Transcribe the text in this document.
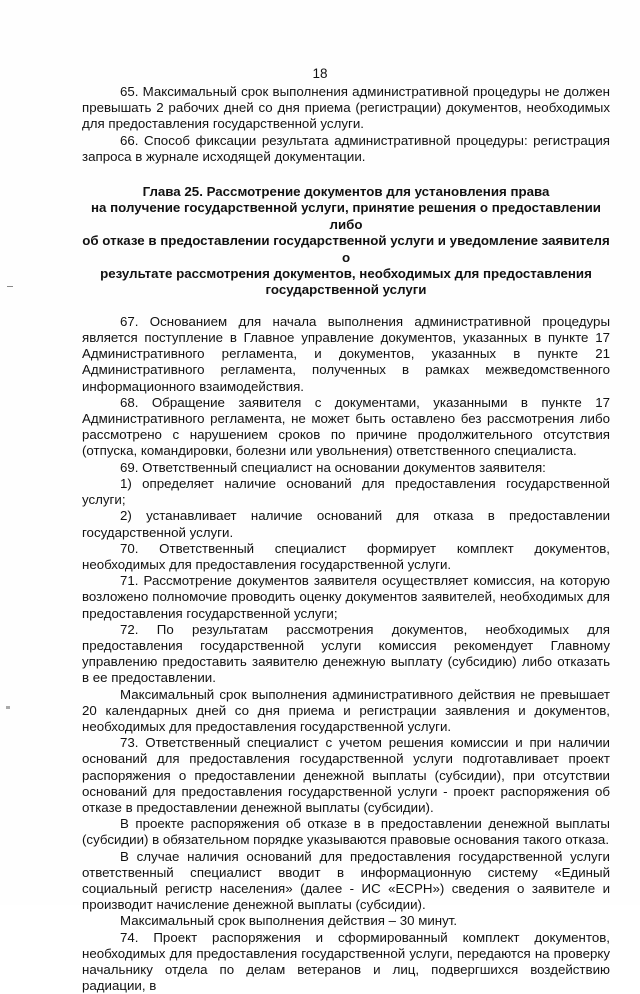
18

65. Максимальный срок выполнения административной процедуры не должен превышать 2 рабочих дней со дня приема (регистрации) документов, необходимых для предоставления государственной услуги.

66. Способ фиксации результата административной процедуры: регистрация запроса в журнале исходящей документации.

Глава 25. Рассмотрение документов для установления права
на получение государственной услуги, принятие решения о предоставлении либо
об отказе в предоставлении государственной услуги и уведомление заявителя о
результате рассмотрения документов, необходимых для предоставления
государственной услуги

67. Основанием для начала выполнения административной процедуры является поступление в Главное управление документов, указанных в пункте 17 Административного регламента, и документов, указанных в пункте 21 Административного регламента, полученных в рамках межведомственного информационного взаимодействия.

68. Обращение заявителя с документами, указанными в пункте 17 Административного регламента, не может быть оставлено без рассмотрения либо рассмотрено с нарушением сроков по причине продолжительного отсутствия (отпуска, командировки, болезни или увольнения) ответственного специалиста.

69. Ответственный специалист на основании документов заявителя:

1) определяет наличие оснований для предоставления государственной услуги;

2) устанавливает наличие оснований для отказа в предоставлении государственной услуги.

70. Ответственный специалист формирует комплект документов, необходимых для предоставления государственной услуги.

71. Рассмотрение документов заявителя осуществляет комиссия, на которую возложено полномочие проводить оценку документов заявителей, необходимых для предоставления государственной услуги;

72. По результатам рассмотрения документов, необходимых для предоставления государственной услуги комиссия рекомендует Главному управлению предоставить заявителю денежную выплату (субсидию) либо отказать в ее предоставлении.

Максимальный срок выполнения административного действия не превышает 20 календарных дней со дня приема и регистрации заявления и документов, необходимых для предоставления государственной услуги.

73. Ответственный специалист с учетом решения комиссии и при наличии оснований для предоставления государственной услуги подготавливает проект распоряжения о предоставлении денежной выплаты (субсидии), при отсутствии оснований для предоставления государственной услуги - проект распоряжения об отказе в предоставлении денежной выплаты (субсидии).

В проекте распоряжения об отказе в в предоставлении денежной выплаты (субсидии) в обязательном порядке указываются правовые основания такого отказа.

В случае наличия оснований для предоставления государственной услуги ответственный специалист вводит в информационную систему «Единый социальный регистр населения» (далее - ИС «ЕСРН») сведения о заявителе и производит начисление денежной выплаты (субсидии).

Максимальный срок выполнения действия – 30 минут.

74. Проект распоряжения и сформированный комплект документов, необходимых для предоставления государственной услуги, передаются на проверку начальнику отдела по делам ветеранов и лиц, подвергшихся воздействию радиации, в
